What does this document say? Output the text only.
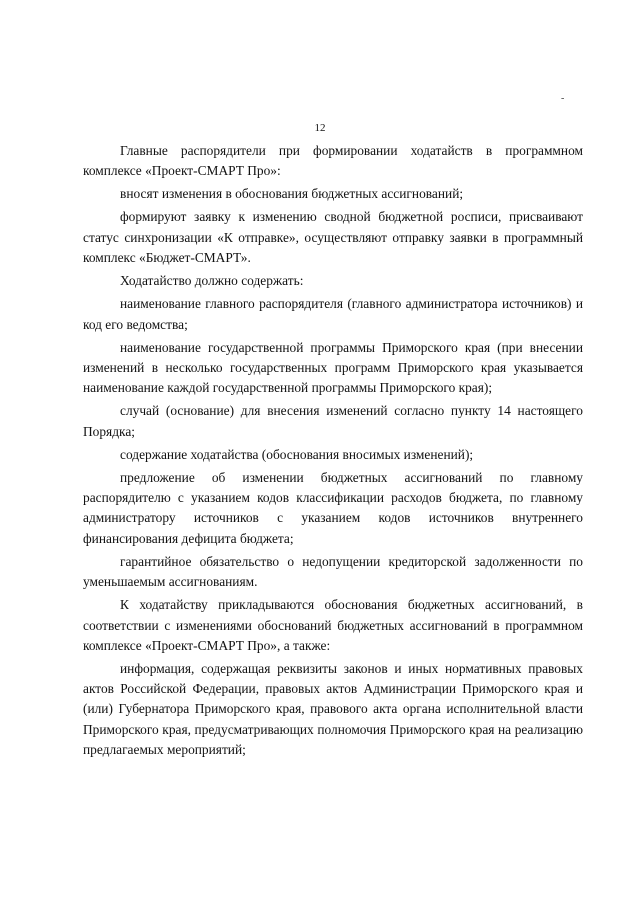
-
12

Главные распорядители при формировании ходатайств в программном комплексе «Проект-СМАРТ Про»:

вносят изменения в обоснования бюджетных ассигнований;

формируют заявку к изменению сводной бюджетной росписи, присваивают статус синхронизации «К отправке», осуществляют отправку заявки в программный комплекс «Бюджет-СМАРТ».

Ходатайство должно содержать:

наименование главного распорядителя (главного администратора источников) и код его ведомства;

наименование государственной программы Приморского края (при внесении изменений в несколько государственных программ Приморского края указывается наименование каждой государственной программы Приморского края);

случай (основание) для внесения изменений согласно пункту 14 настоящего Порядка;

содержание ходатайства (обоснования вносимых изменений);

предложение об изменении бюджетных ассигнований по главному распорядителю с указанием кодов классификации расходов бюджета, по главному администратору источников с указанием кодов источников внутреннего финансирования дефицита бюджета;

гарантийное обязательство о недопущении кредиторской задолженности по уменьшаемым ассигнованиям.

К ходатайству прикладываются обоснования бюджетных ассигнований, в соответствии с изменениями обоснований бюджетных ассигнований в программном комплексе «Проект-СМАРТ Про», а также:

информация, содержащая реквизиты законов и иных нормативных правовых актов Российской Федерации, правовых актов Администрации Приморского края и (или) Губернатора Приморского края, правового акта органа исполнительной власти Приморского края, предусматривающих полномочия Приморского края на реализацию предлагаемых мероприятий;
